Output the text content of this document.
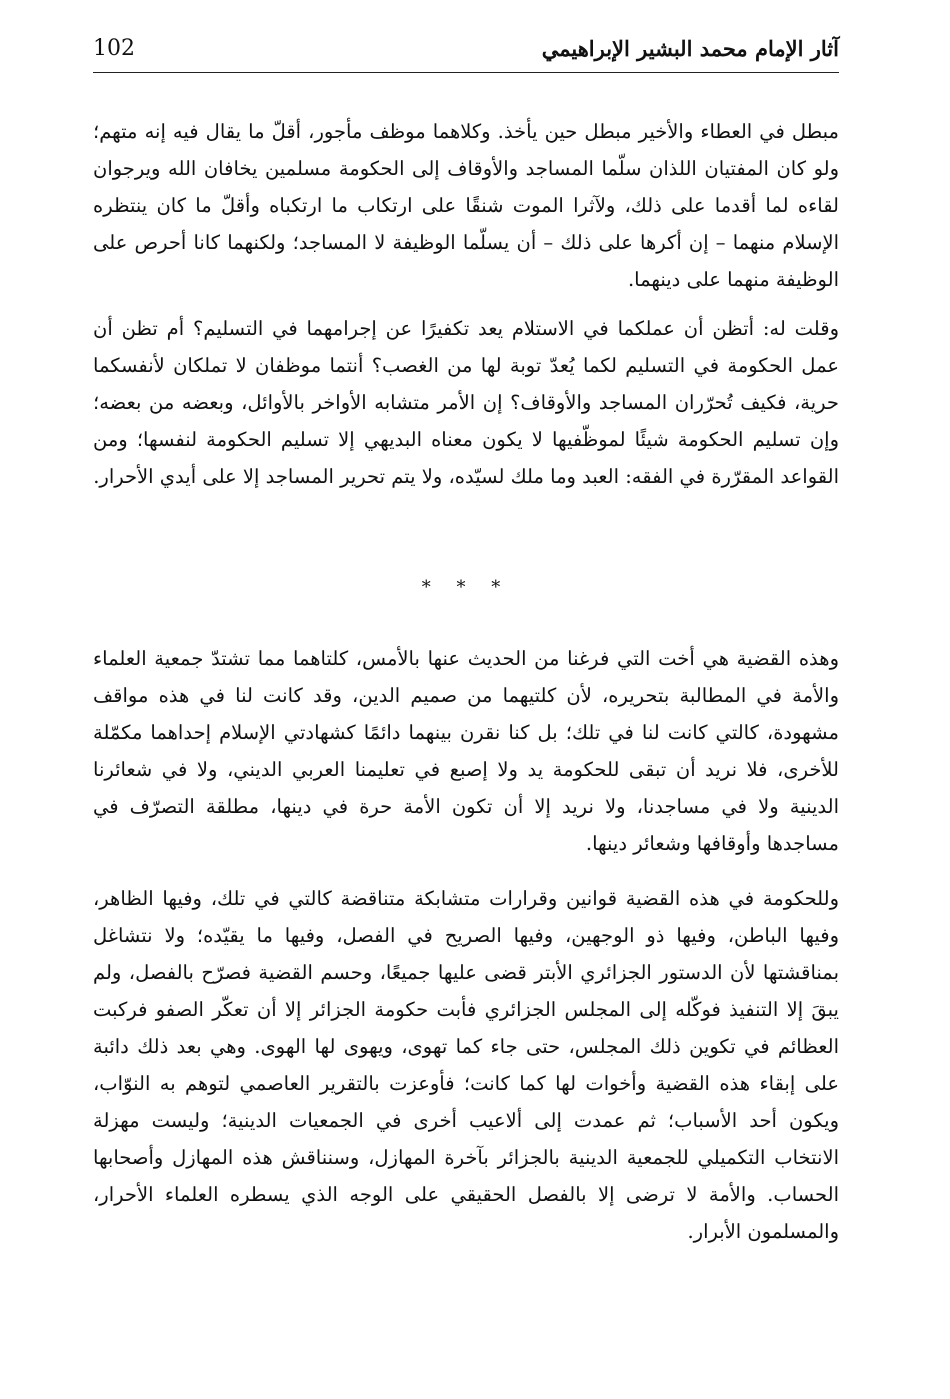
102	آثار الإمام محمد البشير الإبراهيمي

مبطل في العطاء والأخير مبطل حين يأخذ. وكلاهما موظف مأجور، أقلّ ما يقال فيه إنه متهم؛ ولو كان المفتيان اللذان سلّما المساجد والأوقاف إلى الحكومة مسلمين يخافان الله ويرجوان لقاءه لما أقدما على ذلك، ولآثرا الموت شنقًا على ارتكاب ما ارتكباه وأقلّ ما كان ينتظره الإسلام منهما – إن أكرها على ذلك – أن يسلّما الوظيفة لا المساجد؛ ولكنهما كانا أحرص على الوظيفة منهما على دينهما.

وقلت له: أتظن أن عملكما في الاستلام يعد تكفيرًا عن إجرامهما في التسليم؟ أم تظن أن عمل الحكومة في التسليم لكما يُعدّ توبة لها من الغصب؟ أنتما موظفان لا تملكان لأنفسكما حرية، فكيف تُحرّران المساجد والأوقاف؟ إن الأمر متشابه الأواخر بالأوائل، وبعضه من بعضه؛ وإن تسليم الحكومة شيئًا لموظّفيها لا يكون معناه البديهي إلا تسليم الحكومة لنفسها؛ ومن القواعد المقرّرة في الفقه: العبد وما ملك لسيّده، ولا يتم تحرير المساجد إلا على أيدي الأحرار.

* * *

وهذه القضية هي أخت التي فرغنا من الحديث عنها بالأمس، كلتاهما مما تشتدّ جمعية العلماء والأمة في المطالبة بتحريره، لأن كلتيهما من صميم الدين، وقد كانت لنا في هذه مواقف مشهودة، كالتي كانت لنا في تلك؛ بل كنا نقرن بينهما دائمًا كشهادتي الإسلام إحداهما مكمّلة للأخرى، فلا نريد أن تبقى للحكومة يد ولا إصبع في تعليمنا العربي الديني، ولا في شعائرنا الدينية ولا في مساجدنا، ولا نريد إلا أن تكون الأمة حرة في دينها، مطلقة التصرّف في مساجدها وأوقافها وشعائر دينها.

وللحكومة في هذه القضية قوانين وقرارات متشابكة متناقضة كالتي في تلك، وفيها الظاهر، وفيها الباطن، وفيها ذو الوجهين، وفيها الصريح في الفصل، وفيها ما يقيّده؛ ولا نتشاغل بمناقشتها لأن الدستور الجزائري الأبتر قضى عليها جميعًا، وحسم القضية فصرّح بالفصل، ولم يبقَ إلا التنفيذ فوكّله إلى المجلس الجزائري فأبت حكومة الجزائر إلا أن تعكّر الصفو فركبت العظائم في تكوين ذلك المجلس، حتى جاء كما تهوى، ويهوى لها الهوى. وهي بعد ذلك دائبة على إبقاء هذه القضية وأخوات لها كما كانت؛ فأوعزت بالتقرير العاصمي لتوهم به النوّاب، ويكون أحد الأسباب؛ ثم عمدت إلى ألاعيب أخرى في الجمعيات الدينية؛ وليست مهزلة الانتخاب التكميلي للجمعية الدينية بالجزائر بآخرة المهازل، وسنناقش هذه المهازل وأصحابها الحساب. والأمة لا ترضى إلا بالفصل الحقيقي على الوجه الذي يسطره العلماء الأحرار، والمسلمون الأبرار.
